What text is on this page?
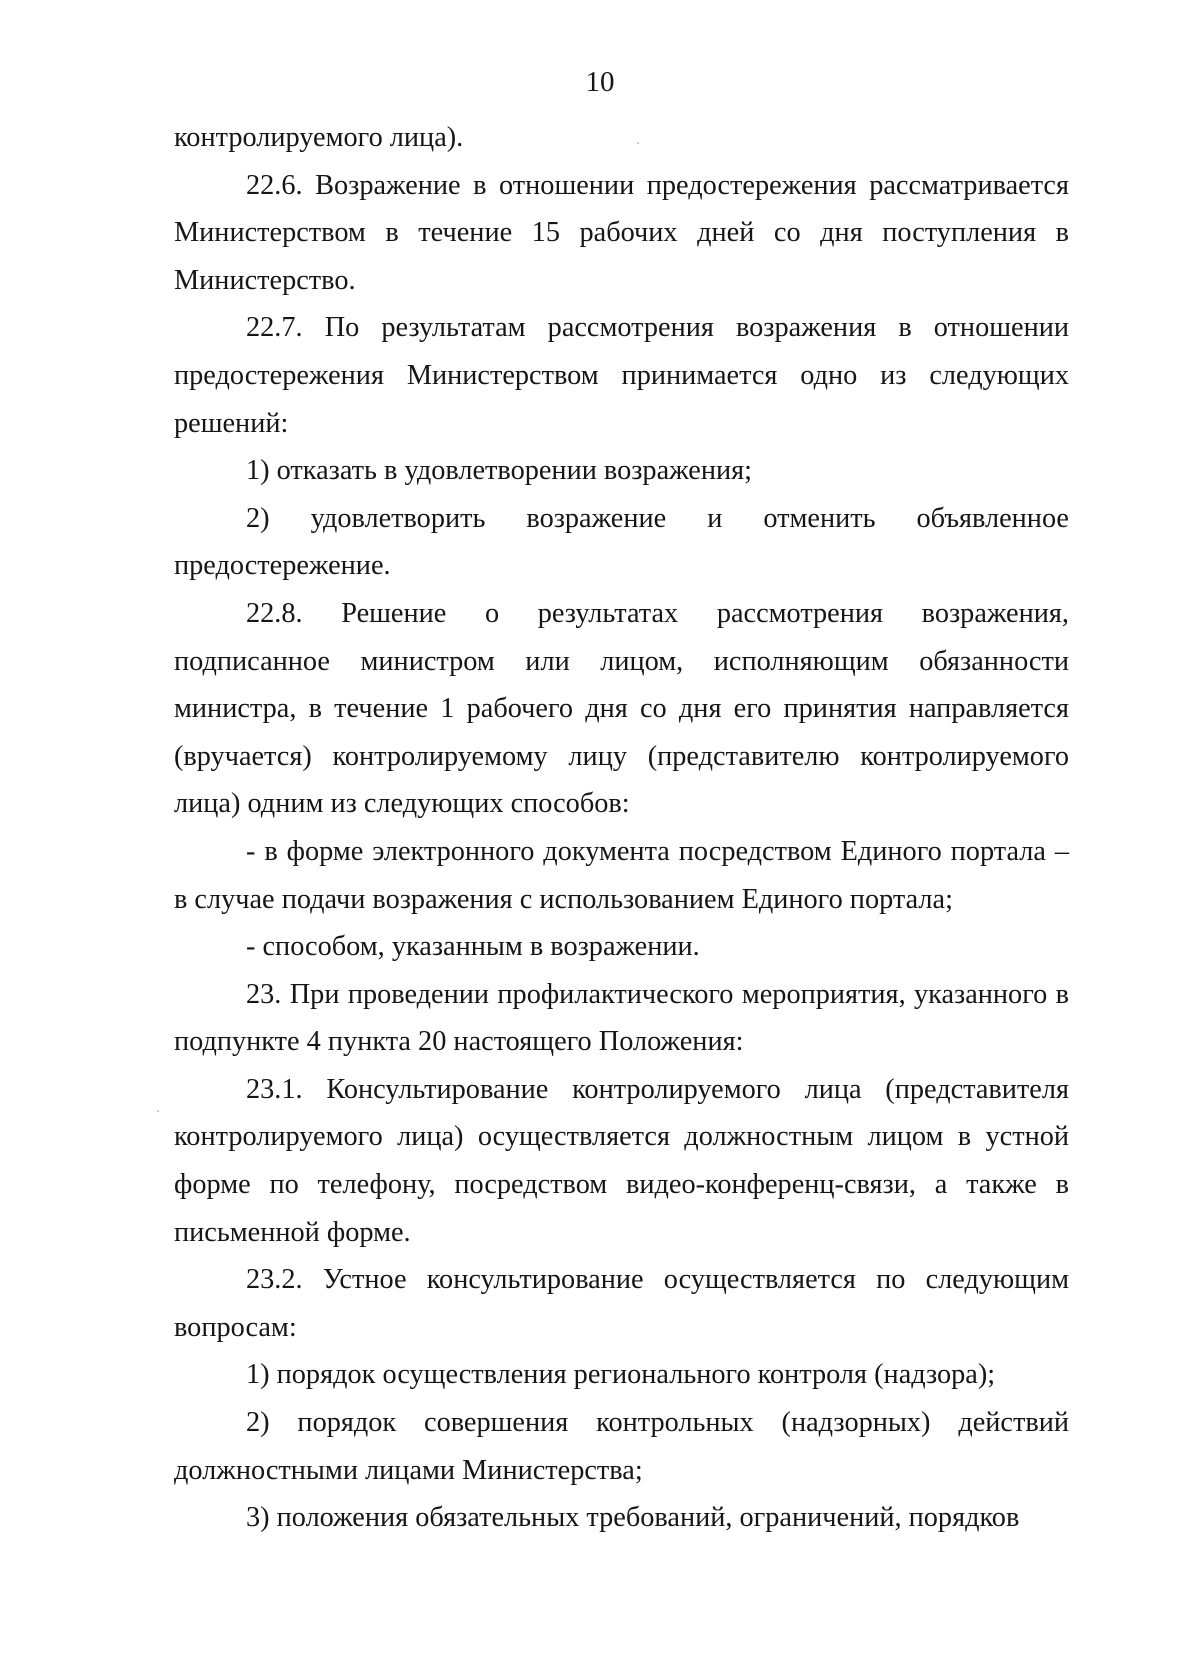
10

контролируемого лица).

22.6. Возражение в отношении предостережения рассматривается Министерством в течение 15 рабочих дней со дня поступления в Министерство.

22.7. По результатам рассмотрения возражения в отношении предостережения Министерством принимается одно из следующих решений:

1) отказать в удовлетворении возражения;

2) удовлетворить возражение и отменить объявленное предостережение.

22.8. Решение о результатах рассмотрения возражения, подписанное министром или лицом, исполняющим обязанности министра, в течение 1 рабочего дня со дня его принятия направляется (вручается) контролируемому лицу (представителю контролируемого лица) одним из следующих способов:

- в форме электронного документа посредством Единого портала – в случае подачи возражения с использованием Единого портала;

- способом, указанным в возражении.

23. При проведении профилактического мероприятия, указанного в подпункте 4 пункта 20 настоящего Положения:

23.1. Консультирование контролируемого лица (представителя контролируемого лица) осуществляется должностным лицом в устной форме по телефону, посредством видео-конференц-связи, а также в письменной форме.

23.2. Устное консультирование осуществляется по следующим вопросам:

1) порядок осуществления регионального контроля (надзора);

2) порядок совершения контрольных (надзорных) действий должностными лицами Министерства;

3) положения обязательных требований, ограничений, порядков
